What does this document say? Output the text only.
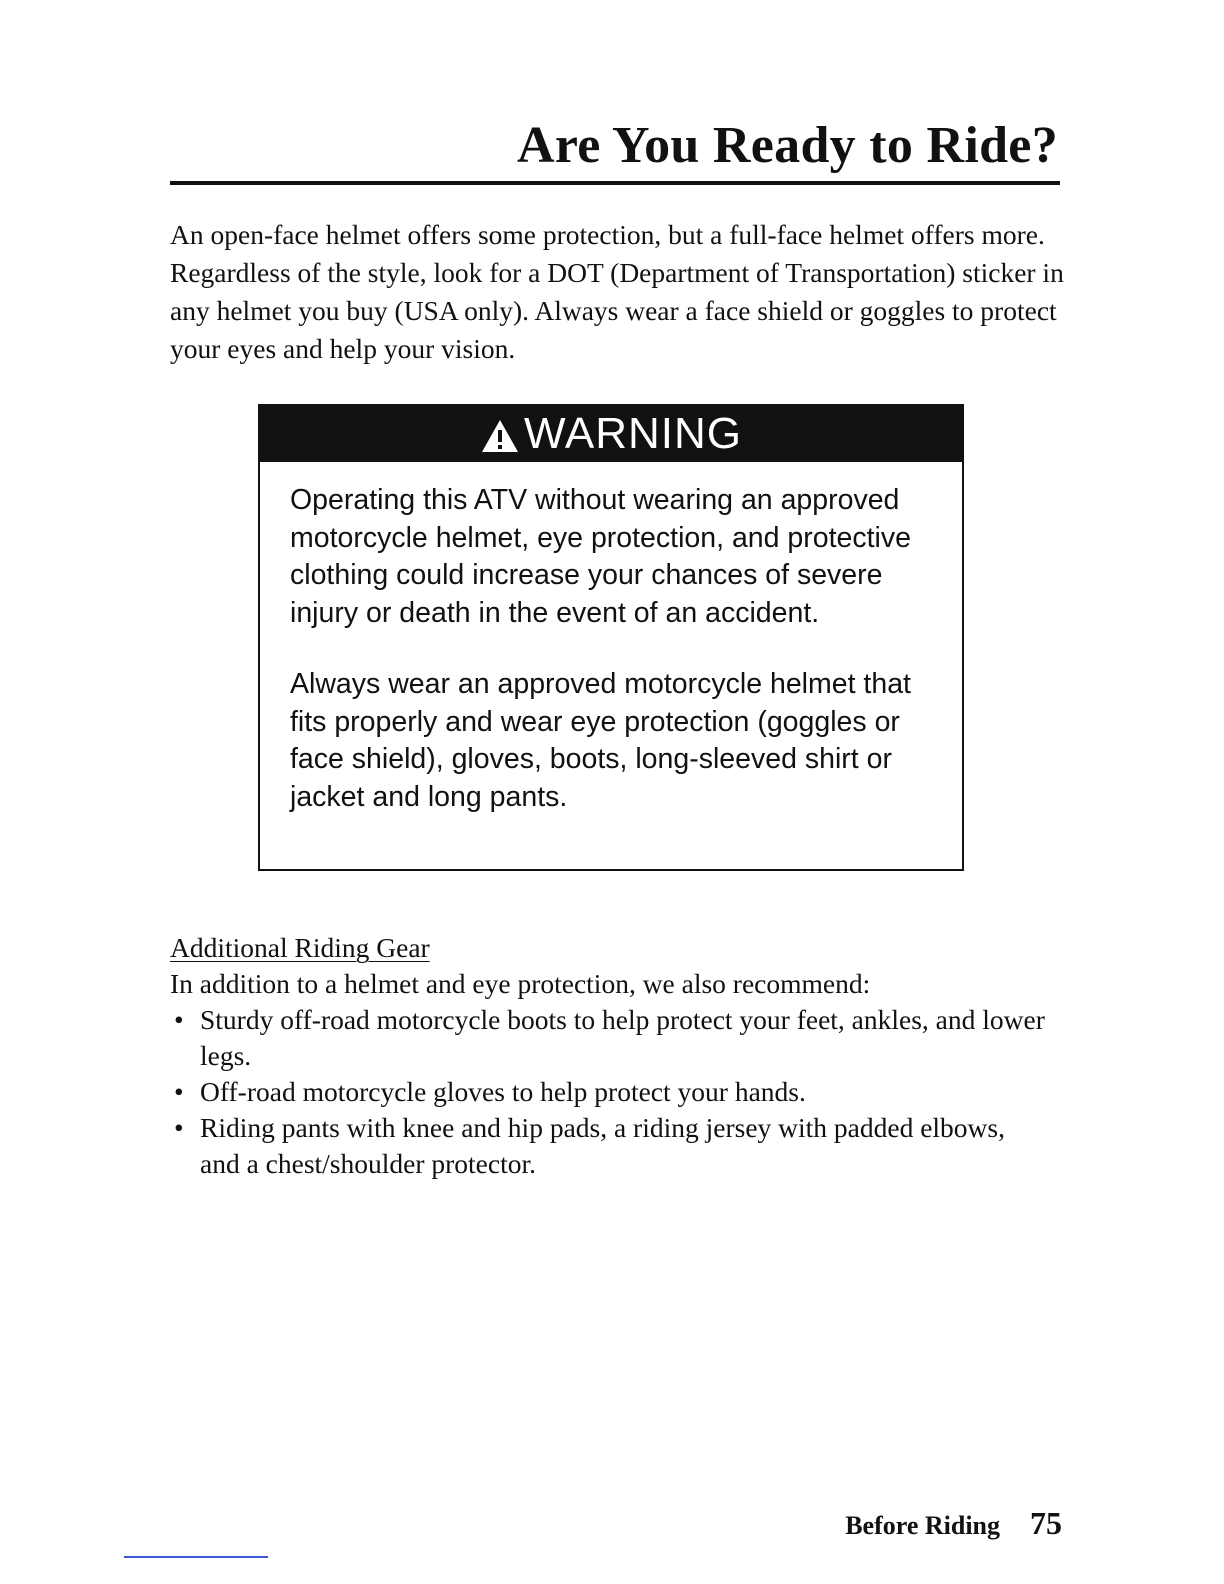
Are You Ready to Ride?

An open-face helmet offers some protection, but a full-face helmet offers more. Regardless of the style, look for a DOT (Department of Transportation) sticker in any helmet you buy (USA only). Always wear a face shield or goggles to protect your eyes and help your vision.

WARNING

Operating this ATV without wearing an approved motorcycle helmet, eye protection, and protective clothing could increase your chances of severe injury or death in the event of an accident.

Always wear an approved motorcycle helmet that fits properly and wear eye protection (goggles or face shield), gloves, boots, long-sleeved shirt or jacket and long pants.

Additional Riding Gear

In addition to a helmet and eye protection, we also recommend:

• Sturdy off-road motorcycle boots to help protect your feet, ankles, and lower legs.
• Off-road motorcycle gloves to help protect your hands.
• Riding pants with knee and hip pads, a riding jersey with padded elbows, and a chest/shoulder protector.
Before Riding 75
